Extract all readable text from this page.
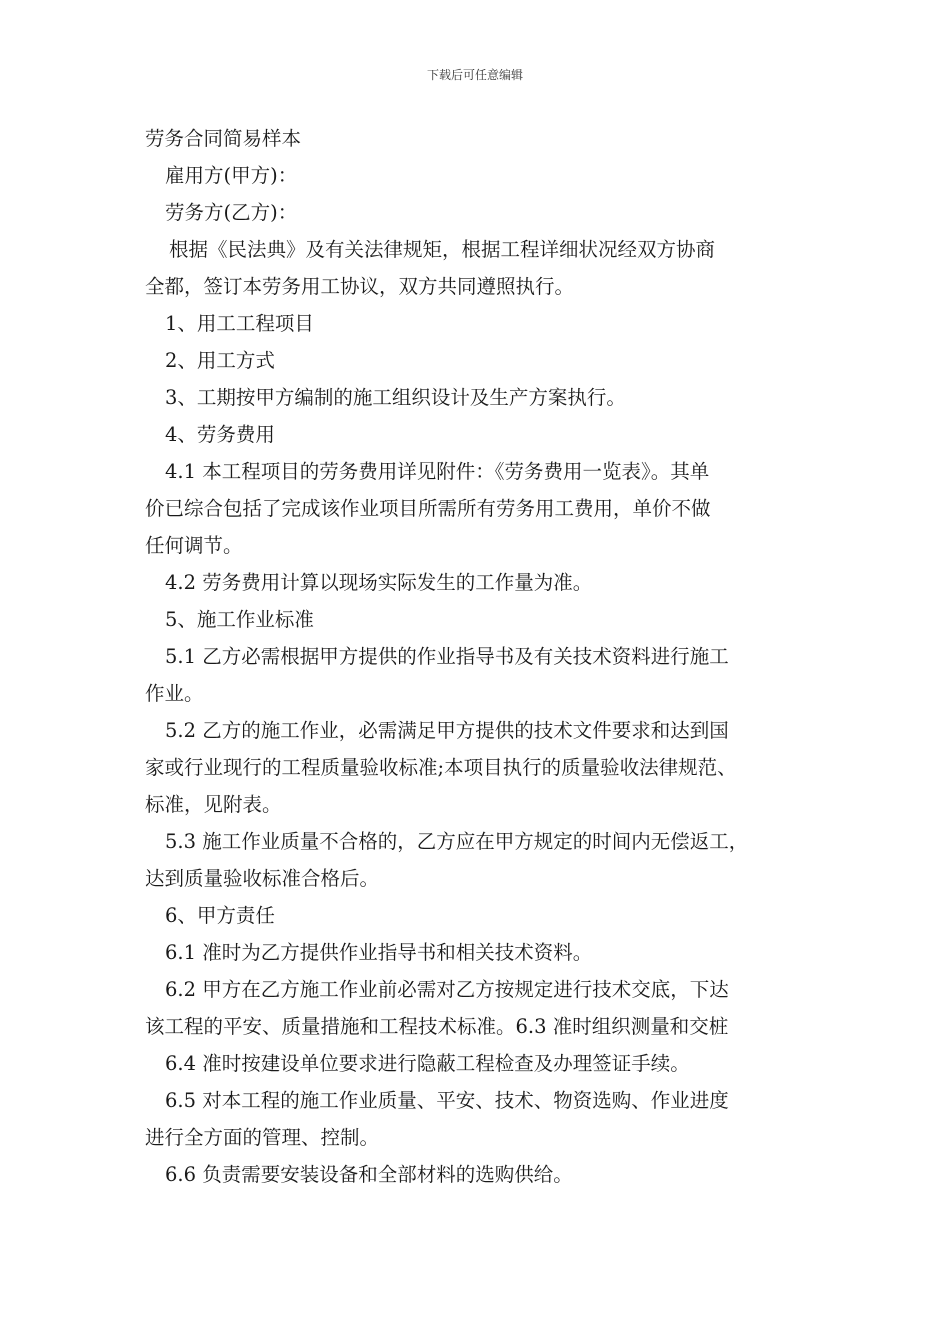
下载后可任意编辑

劳务合同简易样本

雇用方(甲方)：

劳务方(乙方)：

根据《民法典》及有关法律规矩，根据工程详细状况经双方协商

全都，签订本劳务用工协议，双方共同遵照执行。

1、用工工程项目

2、用工方式

3、工期按甲方编制的施工组织设计及生产方案执行。

4、劳务费用

4.1 本工程项目的劳务费用详见附件：《劳务费用一览表》。其单

价已综合包括了完成该作业项目所需所有劳务用工费用，单价不做

任何调节。

4.2 劳务费用计算以现场实际发生的工作量为准。

5、施工作业标准

5.1 乙方必需根据甲方提供的作业指导书及有关技术资料进行施工

作业。

5.2 乙方的施工作业，必需满足甲方提供的技术文件要求和达到国

家或行业现行的工程质量验收标准;本项目执行的质量验收法律规范、

标准，见附表。

5.3 施工作业质量不合格的，乙方应在甲方规定的时间内无偿返工，

达到质量验收标准合格后。

6、甲方责任

6.1 准时为乙方提供作业指导书和相关技术资料。

6.2 甲方在乙方施工作业前必需对乙方按规定进行技术交底，下达

该工程的平安、质量措施和工程技术标准。6.3 准时组织测量和交桩

6.4 准时按建设单位要求进行隐蔽工程检查及办理签证手续。

6.5 对本工程的施工作业质量、平安、技术、物资选购、作业进度

进行全方面的管理、控制。

6.6 负责需要安装设备和全部材料的选购供给。
